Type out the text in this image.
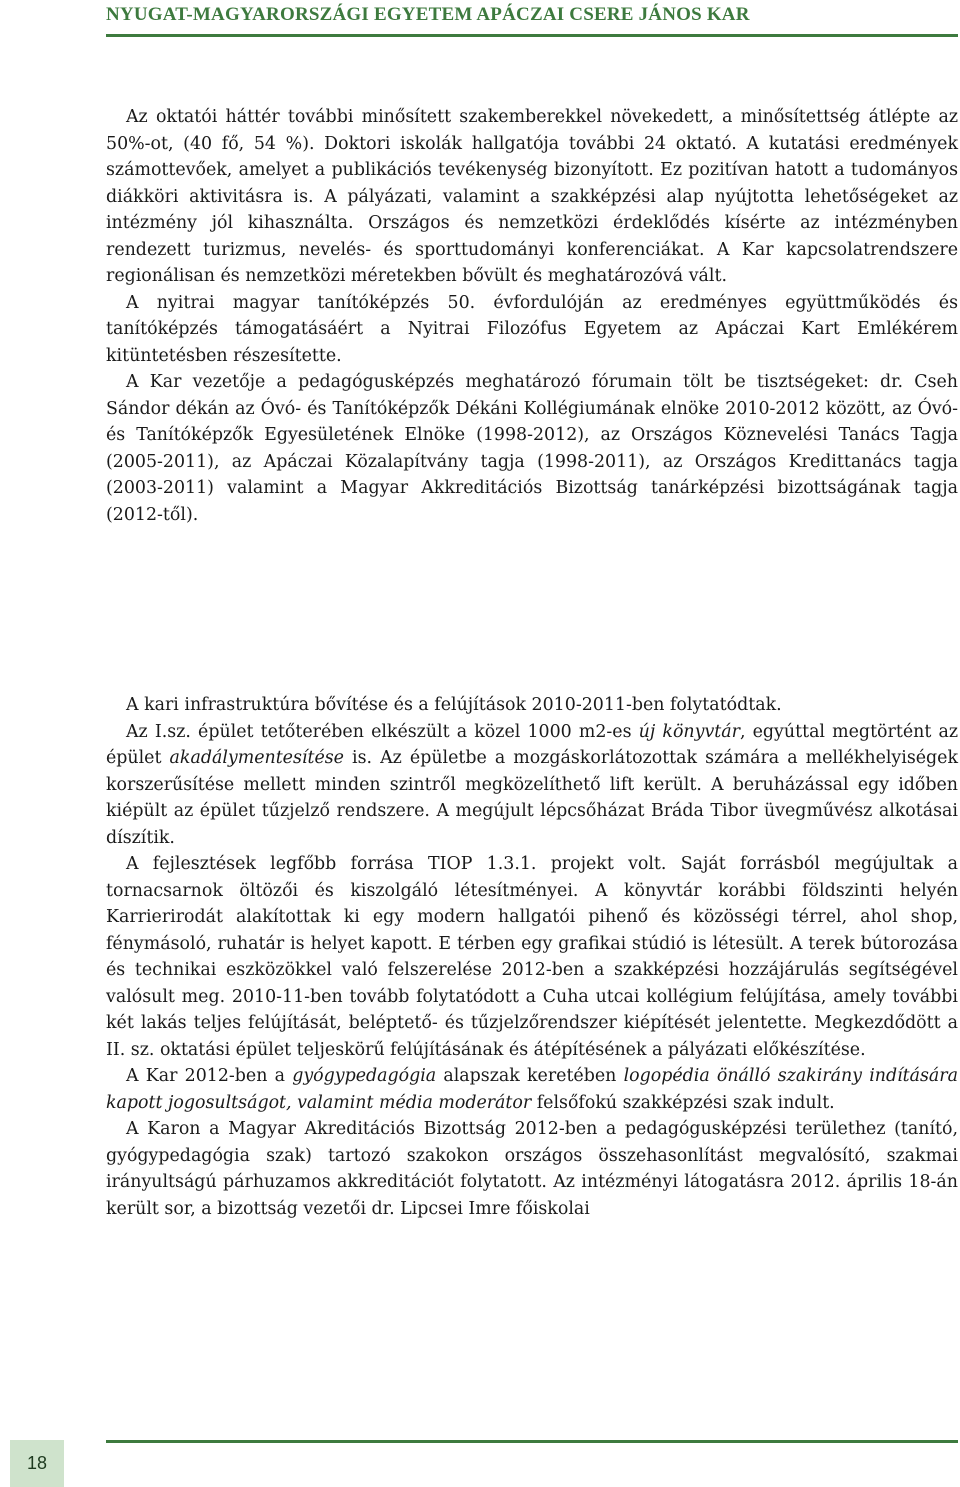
NYUGAT-MAGYARORSZÁGI EGYETEM APÁCZAI CSERE JÁNOS KAR

Az oktatói háttér további minősített szakemberekkel növekedett, a minősítettség átlépte az 50%-ot, (40 fő, 54 %). Doktori iskolák hallgatója további 24 oktató. A kutatási eredmények számottevőek, amelyet a publikációs tevékenység bizonyított. Ez pozitívan hatott a tudományos diákköri aktivitásra is. A pályázati, valamint a szakképzési alap nyújtotta lehetőségeket az intézmény jól kihasználta. Országos és nemzetközi érdeklődés kísérte az intézményben rendezett turizmus, nevelés- és sporttudományi konferenciákat. A Kar kapcsolatrendszere regionálisan és nemzetközi méretekben bővült és meghatározóvá vált.

A nyitrai magyar tanítóképzés 50. évfordulóján az eredményes együttműködés és tanítóképzés támogatásáért a Nyitrai Filozófus Egyetem az Apáczai Kart Emlékérem kitüntetésben részesítette.

A Kar vezetője a pedagógusképzés meghatározó fórumain tölt be tisztségeket: dr. Cseh Sándor dékán az Óvó- és Tanítóképzők Dékáni Kollégiumának elnöke 2010-2012 között, az Óvó- és Tanítóképzők Egyesületének Elnöke (1998-2012), az Országos Köznevelési Tanács Tagja (2005-2011), az Apáczai Közalapítvány tagja (1998-2011), az Országos Kredittanács tagja (2003-2011) valamint a Magyar Akkreditációs Bizottság tanárképzési bizottságának tagja (2012-től).

A kari infrastruktúra bővítése és a felújítások 2010-2011-ben folytatódtak.

Az I.sz. épület tetőterében elkészült a közel 1000 m2-es új könyvtár, egyúttal megtörtént az épület akadálymentesítése is. Az épületbe a mozgáskorlátozottak számára a mellékhelyiségek korszerűsítése mellett minden szintről megközelíthető lift került. A beruházással egy időben kiépült az épület tűzjelző rendszere. A megújult lépcsőházat Bráda Tibor üvegművész alkotásai díszítik.

A fejlesztések legfőbb forrása TIOP 1.3.1. projekt volt. Saját forrásból megújultak a tornacsarnok öltözői és kiszolgáló létesítményei. A könyvtár korábbi földszinti helyén Karrierirodát alakítottak ki egy modern hallgatói pihenő és közösségi térrel, ahol shop, fénymásoló, ruhatár is helyet kapott. E térben egy grafikai stúdió is létesült. A terek bútorozása és technikai eszközökkel való felszerelése 2012-ben a szakképzési hozzájárulás segítségével valósult meg. 2010-11-ben tovább folytatódott a Cuha utcai kollégium felújítása, amely további két lakás teljes felújítását, beléptető- és tűzjelzőrendszer kiépítését jelentette. Megkezdődött a II. sz. oktatási épület teljeskörű felújításának és átépítésének a pályázati előkészítése.

A Kar 2012-ben a gyógypedagógia alapszak keretében logopédia önálló szakirány indítására kapott jogosultságot, valamint média moderátor felsőfokú szakképzési szak indult.

A Karon a Magyar Akreditációs Bizottság 2012-ben a pedagógusképzési területhez (tanító, gyógypedagógia szak) tartozó szakokon országos összehasonlítást megvalósító, szakmai irányultságú párhuzamos akkreditációt folytatott. Az intézményi látogatásra 2012. április 18-án került sor, a bizottság vezetői dr. Lipcsei Imre főiskolai

18
